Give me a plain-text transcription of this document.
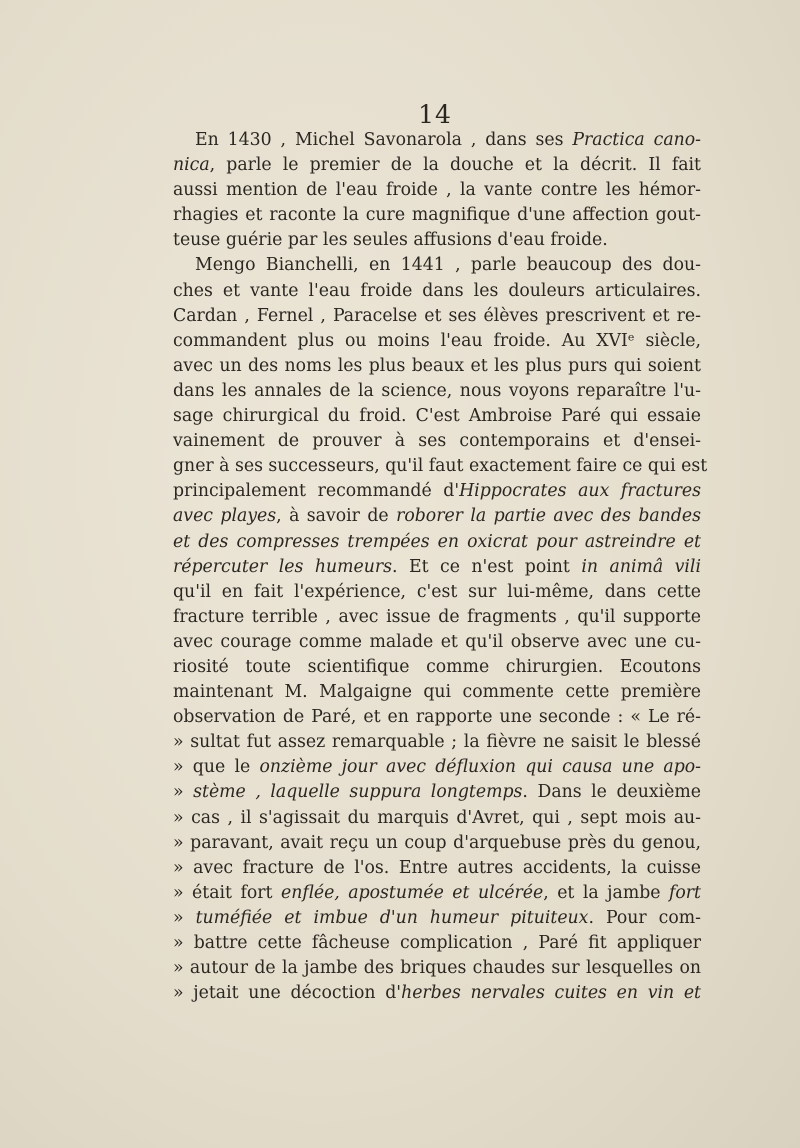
14
En 1430 , Michel Savonarola , dans ses Practica cano-
nica, parle le premier de la douche et la décrit. Il fait
aussi mention de l'eau froide , la vante contre les hémor-
rhagies et raconte la cure magnifique d'une affection gout-
teuse guérie par les seules affusions d'eau froide.
Mengo Bianchelli, en 1441 , parle beaucoup des dou-
ches et vante l'eau froide dans les douleurs articulaires.
Cardan , Fernel , Paracelse et ses élèves prescrivent et re-
commandent plus ou moins l'eau froide. Au XVIᵉ siècle,
avec un des noms les plus beaux et les plus purs qui soient
dans les annales de la science, nous voyons reparaître l'u-
sage chirurgical du froid. C'est Ambroise Paré qui essaie
vainement de prouver à ses contemporains et d'ensei-
gner à ses successeurs, qu'il faut exactement faire ce qui est
principalement recommandé d'Hippocrates aux fractures
avec playes, à savoir de roborer la partie avec des bandes
et des compresses trempées en oxicrat pour astreindre et
répercuter les humeurs. Et ce n'est point in animâ vili
qu'il en fait l'expérience, c'est sur lui-même, dans cette
fracture terrible , avec issue de fragments , qu'il supporte
avec courage comme malade et qu'il observe avec une cu-
riosité toute scientifique comme chirurgien. Ecoutons
maintenant M. Malgaigne qui commente cette première
observation de Paré, et en rapporte une seconde : « Le ré-
» sultat fut assez remarquable ; la fièvre ne saisit le blessé
» que le onzième jour avec défluxion qui causa une apo-
» stème , laquelle suppura longtemps. Dans le deuxième
» cas , il s'agissait du marquis d'Avret, qui , sept mois au-
» paravant, avait reçu un coup d'arquebuse près du genou,
» avec fracture de l'os. Entre autres accidents, la cuisse
» était fort enflée, apostumée et ulcérée, et la jambe fort
» tuméfiée et imbue d'un humeur pituiteux. Pour com-
» battre cette fâcheuse complication , Paré fit appliquer
» autour de la jambe des briques chaudes sur lesquelles on
» jetait une décoction d'herbes nervales cuites en vin et
